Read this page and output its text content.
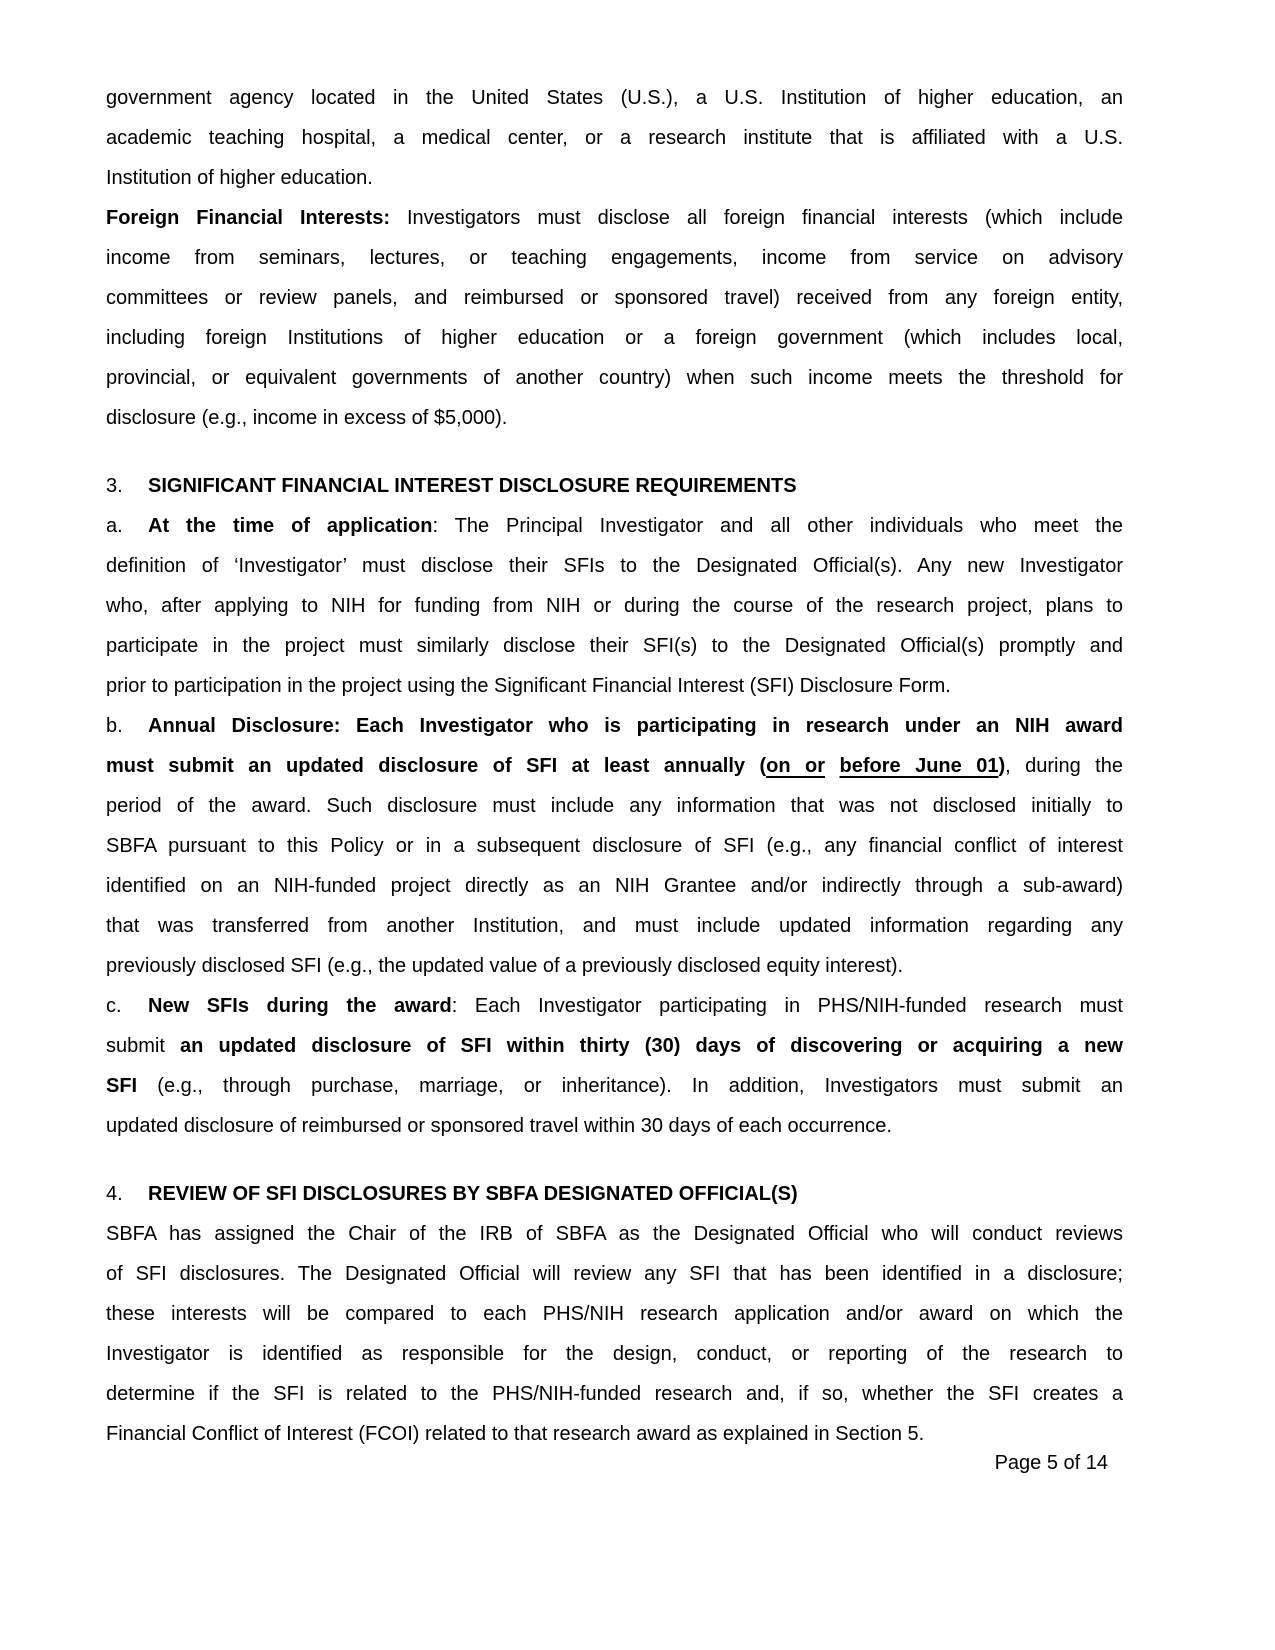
government agency located in the United States (U.S.), a U.S. Institution of higher education, an
academic teaching hospital, a medical center, or a research institute that is affiliated with a U.S.
Institution of higher education.
Foreign Financial Interests: Investigators must disclose all foreign financial interests (which include
income from seminars, lectures, or teaching engagements, income from service on advisory
committees or review panels, and reimbursed or sponsored travel) received from any foreign entity,
including foreign Institutions of higher education or a foreign government (which includes local,
provincial, or equivalent governments of another country) when such income meets the threshold for
disclosure (e.g., income in excess of $5,000).
3. SIGNIFICANT FINANCIAL INTEREST DISCLOSURE REQUIREMENTS
a. At the time of application: The Principal Investigator and all other individuals who meet the
definition of ‘Investigator’ must disclose their SFIs to the Designated Official(s). Any new Investigator
who, after applying to NIH for funding from NIH or during the course of the research project, plans to
participate in the project must similarly disclose their SFI(s) to the Designated Official(s) promptly and
prior to participation in the project using the Significant Financial Interest (SFI) Disclosure Form.
b. Annual Disclosure: Each Investigator who is participating in research under an NIH award
must submit an updated disclosure of SFI at least annually (on or before June 01), during the
period of the award. Such disclosure must include any information that was not disclosed initially to
SBFA pursuant to this Policy or in a subsequent disclosure of SFI (e.g., any financial conflict of interest
identified on an NIH-funded project directly as an NIH Grantee and/or indirectly through a sub-award)
that was transferred from another Institution, and must include updated information regarding any
previously disclosed SFI (e.g., the updated value of a previously disclosed equity interest).
c. New SFIs during the award: Each Investigator participating in PHS/NIH-funded research must
submit an updated disclosure of SFI within thirty (30) days of discovering or acquiring a new
SFI (e.g., through purchase, marriage, or inheritance). In addition, Investigators must submit an
updated disclosure of reimbursed or sponsored travel within 30 days of each occurrence.
4. REVIEW OF SFI DISCLOSURES BY SBFA DESIGNATED OFFICIAL(S)
SBFA has assigned the Chair of the IRB of SBFA as the Designated Official who will conduct reviews
of SFI disclosures. The Designated Official will review any SFI that has been identified in a disclosure;
these interests will be compared to each PHS/NIH research application and/or award on which the
Investigator is identified as responsible for the design, conduct, or reporting of the research to
determine if the SFI is related to the PHS/NIH-funded research and, if so, whether the SFI creates a
Financial Conflict of Interest (FCOI) related to that research award as explained in Section 5.
Page 5 of 14
